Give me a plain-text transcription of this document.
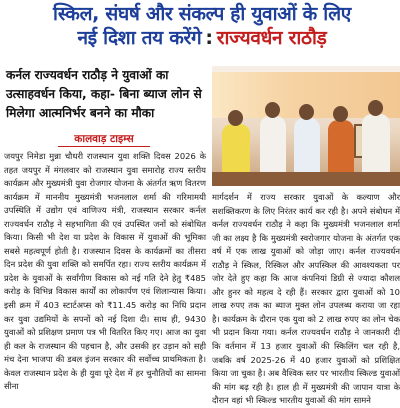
स्किल, संघर्ष और संकल्प ही युवाओं के लिए
नई दिशा तय करेंगे : राज्यवर्धन राठौड़
कर्नल राज्यवर्धन राठौड़ ने युवाओं का उत्साहवर्धन किया, कहा- बिना ब्याज लोन से मिलेगा आत्मनिर्भर बनने का मौका
कालवाड़ टाइम्स
जयपुर निमेडा मुन्ना चौधरी राजस्थान युवा शक्ति दिवस 2026 के तहत जयपुर में मंगलवार को राजस्थान युवा समारोह राज्य स्तरीय कार्यक्रम और मुख्यमंत्री युवा रोजगार योजना के अंतर्गत ऋण वितरण कार्यक्रम में माननीय मुख्यमंत्री भजनलाल शर्मा की गरिमामयी उपस्थिति में उद्योग एवं वाणिज्य मंत्री, राजस्थान सरकार कर्नल राज्यवर्धन राठौड़ ने सहभागिता की एवं उपस्थित जनों को संबोधित किया। किसी भी देश या प्रदेश के विकास में युवाओं की भूमिका सबसे महत्वपूर्ण होती है। राजस्थान दिवस के कार्यक्रमों का तीसरा दिन प्रदेश की युवा शक्ति को समर्पित रहा। राज्य स्तरीय कार्यक्रम में प्रदेश के युवाओं के सर्वांगीण विकास को नई गति देने हेतु ₹485 करोड़ के विभिन्न विकास कार्यों का लोकार्पण एवं शिलान्यास किया। इसी क्रम में 403 स्टार्टअप्स को ₹11.45 करोड़ का निधि प्रदान कर युवा उद्यमियों के सपनों को नई दिशा दी। साथ ही, 9430 युवाओं को प्रशिक्षण प्रमाण पत्र भी वितरित किए गए। आज का युवा ही कल के राजस्थान की पहचान है, और उसकी हर उड़ान को सही मंच देना भाजपा की डबल इंजन सरकार की सर्वोच्च प्राथमिकता है। केवल राजस्थान प्रदेश के ही युवा पूरे देश में हर चुनौतियों का सामना सीना
मार्गदर्शन में राज्य सरकार युवाओं के कल्याण और सशक्तिकरण के लिए निरंतर कार्य कर रही है। अपने संबोधन में कर्नल राज्यवर्धन राठौड़ ने कहा कि मुख्यमंत्री भजनलाल शर्मा जी का लक्ष्य है कि मुख्यमंत्री स्वरोजगार योजना के अंतर्गत एक वर्ष में एक लाख युवाओं को जोड़ा जाए। कर्नल राज्यवर्धन राठौड़ ने स्किल, रिस्किल और अपस्किल की आवश्यकता पर जोर देते हुए कहा कि आज कंपनियां डिग्री से ज्यादा कौशल और हुनर को महत्व दे रही हैं। सरकार द्वारा युवाओं को 10 लाख रुपए तक का ब्याज मुक्त लोन उपलब्ध कराया जा रहा है। कार्यक्रम के दौरान एक युवा को 2 लाख रुपए का लोन चेक भी प्रदान किया गया। कर्नल राज्यवर्धन राठौड़ ने जानकारी दी कि वर्तमान में 13 हजार युवाओं की स्किलिंग चल रही है, जबकि वर्ष 2025-26 में 40 हजार युवाओं को प्रशिक्षित किया जा चुका है। अब वैश्विक स्तर पर भारतीय स्किल्ड युवाओं की मांग बढ़ रही है। हाल ही में मुख्यमंत्री की जापान यात्रा के दौरान वहां भी स्किल्ड भारतीय युवाओं की मांग सामने
